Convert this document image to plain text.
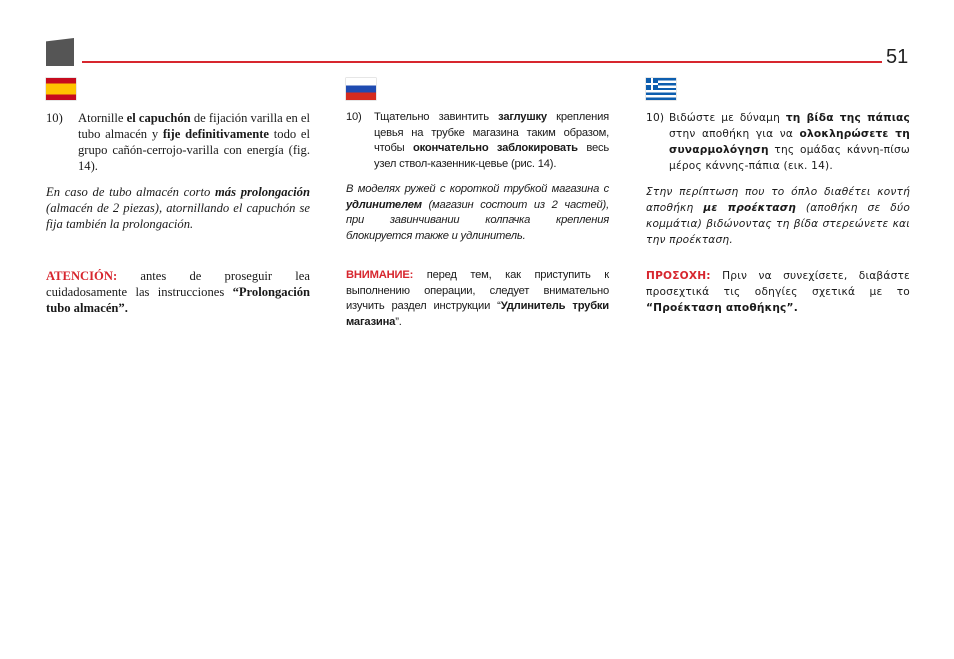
51
10)	Atornille el capuchón de fijación varilla en el tubo almacén y fije definitivamente todo el grupo cañón-cerrojo-varilla con energía (fig. 14).
En caso de tubo almacén corto más prolongación (almacén de 2 piezas), atornillando el capuchón se fija también la prolongación.
ATENCIÓN: antes de proseguir lea cuidadosamente las instrucciones “Prolongación tubo almacén”.
10)	Тщательно завинтить заглушку крепления цевья на трубке магазина таким образом, чтобы окончательно заблокировать весь узел ствол-казенник-цевье (рис. 14).
В моделях ружей с короткой трубкой магазина с удлинителем (магазин состоит из 2 частей), при завинчивании колпачка крепления блокируется также и удлинитель.
ВНИМАНИЕ: перед тем, как приступить к выполнению операции, следует внимательно изучить раздел инструкции “Удлинитель трубки магазина”.
10) Βιδώστε με δύναμη τη βίδα της πάπιας στην αποθήκη για να ολοκληρώσετε τη συναρμολόγηση της ομάδας κάννη-πίσω μέρος κάννης-πάπια (εικ. 14).
Στην περίπτωση που το όπλο διαθέτει κοντή αποθήκη με προέκταση (αποθήκη σε δύο κομμάτια) βιδώνοντας τη βίδα στερεώνετε και την προέκταση.
ΠΡΟΣΟΧΗ: Πριν να συνεχίσετε, διαβάστε προσεχτικά τις οδηγίες σχετικά με το “Προέκταση αποθήκης”.
